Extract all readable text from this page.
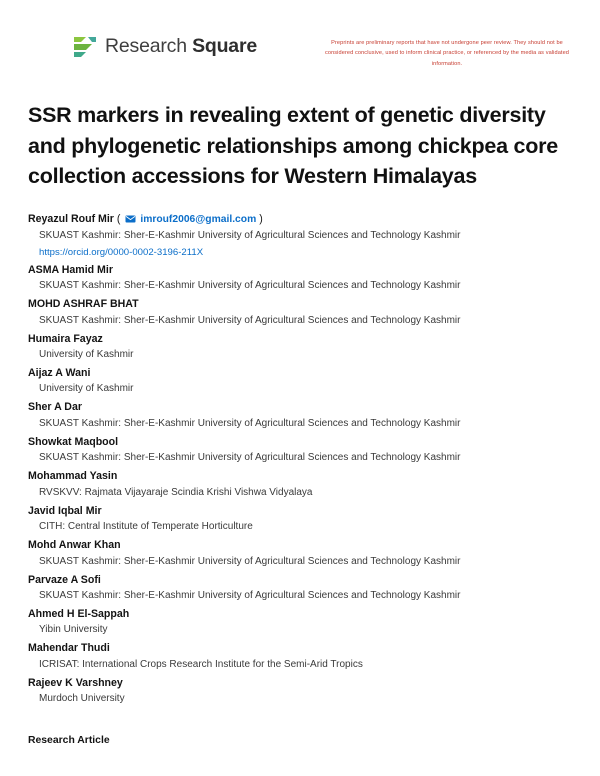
Research Square	Preprints are preliminary reports that have not undergone peer review. They should not be considered conclusive, used to inform clinical practice, or referenced by the media as validated information.
SSR markers in revealing extent of genetic diversity and phylogenetic relationships among chickpea core collection accessions for Western Himalayas
Reyazul Rouf Mir ( imrouf2006@gmail.com )
SKUAST Kashmir: Sher-E-Kashmir University of Agricultural Sciences and Technology Kashmir
https://orcid.org/0000-0002-3196-211X
ASMA Hamid Mir
SKUAST Kashmir: Sher-E-Kashmir University of Agricultural Sciences and Technology Kashmir
MOHD ASHRAF BHAT
SKUAST Kashmir: Sher-E-Kashmir University of Agricultural Sciences and Technology Kashmir
Humaira Fayaz
University of Kashmir
Aijaz A Wani
University of Kashmir
Sher A Dar
SKUAST Kashmir: Sher-E-Kashmir University of Agricultural Sciences and Technology Kashmir
Showkat Maqbool
SKUAST Kashmir: Sher-E-Kashmir University of Agricultural Sciences and Technology Kashmir
Mohammad Yasin
RVSKVV: Rajmata Vijayaraje Scindia Krishi Vishwa Vidyalaya
Javid Iqbal Mir
CITH: Central Institute of Temperate Horticulture
Mohd Anwar Khan
SKUAST Kashmir: Sher-E-Kashmir University of Agricultural Sciences and Technology Kashmir
Parvaze A Sofi
SKUAST Kashmir: Sher-E-Kashmir University of Agricultural Sciences and Technology Kashmir
Ahmed H El-Sappah
Yibin University
Mahendar Thudi
ICRISAT: International Crops Research Institute for the Semi-Arid Tropics
Rajeev K Varshney
Murdoch University
Research Article
